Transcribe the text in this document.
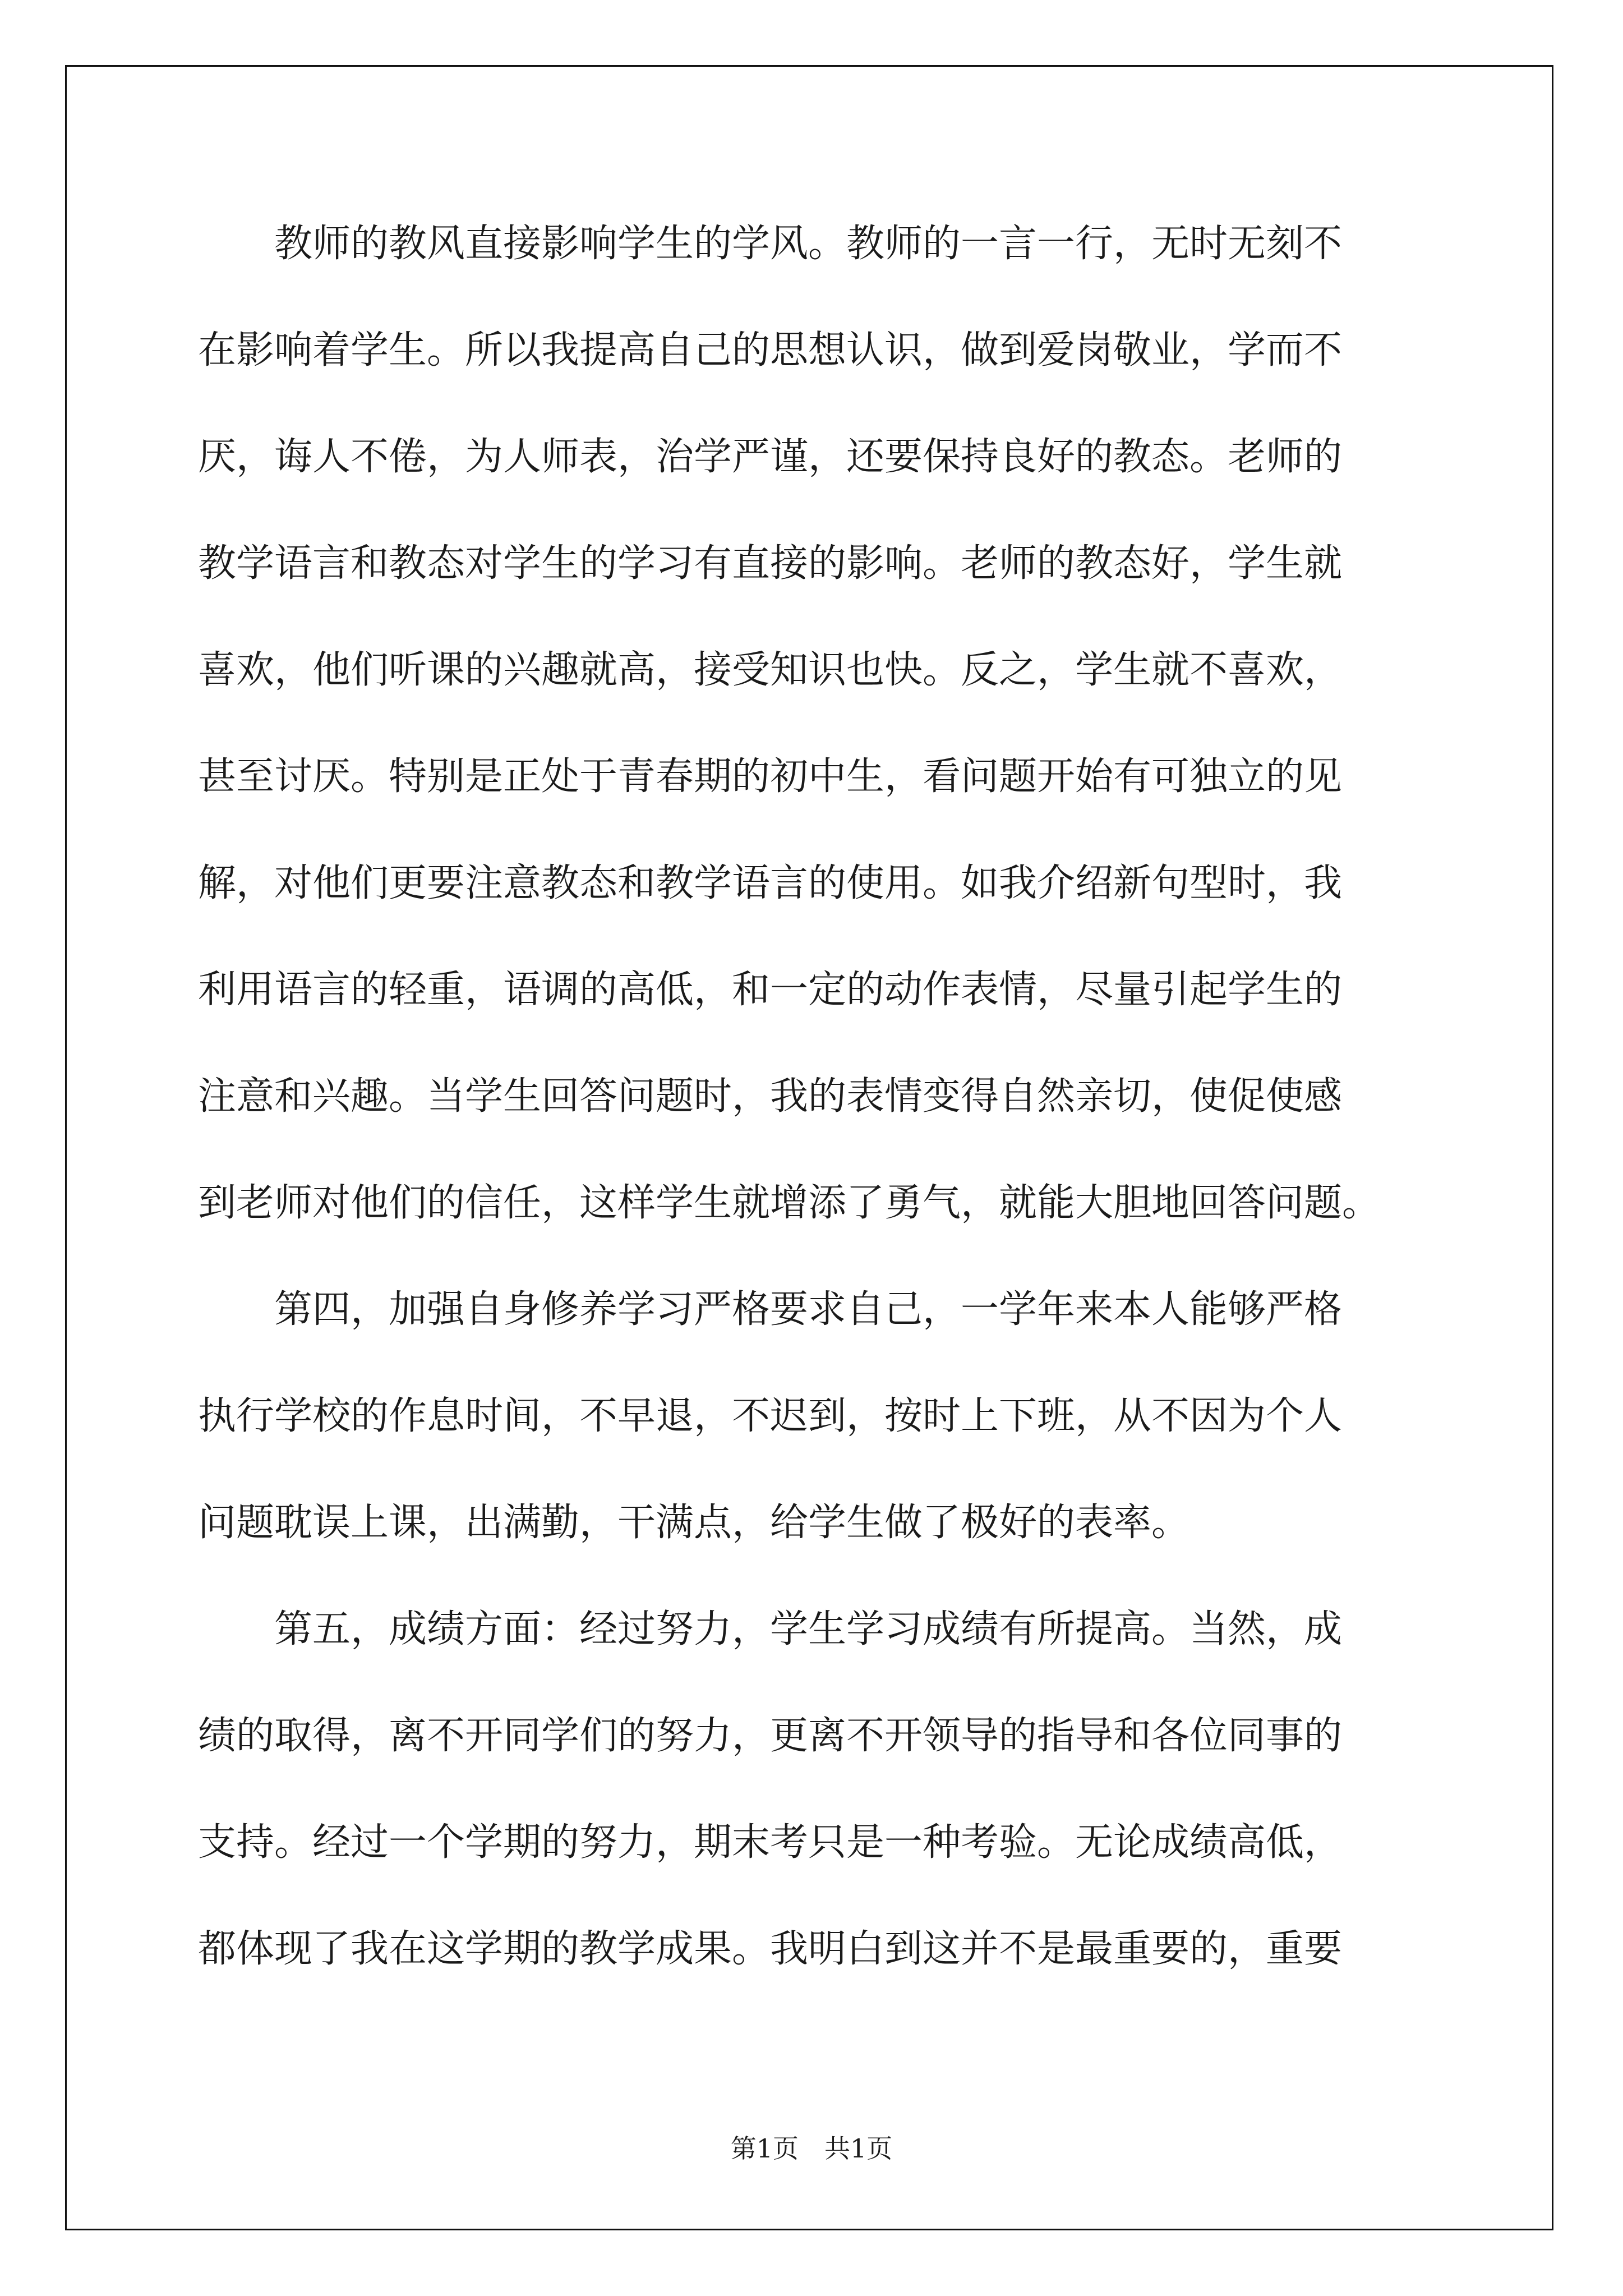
　　教师的教风直接影响学生的学风。教师的一言一行，无时无刻不
在影响着学生。所以我提高自己的思想认识，做到爱岗敬业，学而不
厌，诲人不倦，为人师表，治学严谨，还要保持良好的教态。老师的
教学语言和教态对学生的学习有直接的影响。老师的教态好，学生就
喜欢，他们听课的兴趣就高，接受知识也快。反之，学生就不喜欢，
甚至讨厌。特别是正处于青春期的初中生，看问题开始有可独立的见
解，对他们更要注意教态和教学语言的使用。如我介绍新句型时，我
利用语言的轻重，语调的高低，和一定的动作表情，尽量引起学生的
注意和兴趣。当学生回答问题时，我的表情变得自然亲切，使促使感
到老师对他们的信任，这样学生就增添了勇气，就能大胆地回答问题。
　　第四，加强自身修养学习严格要求自己，一学年来本人能够严格
执行学校的作息时间，不早退，不迟到，按时上下班，从不因为个人
问题耽误上课，出满勤，干满点，给学生做了极好的表率。
　　第五，成绩方面：经过努力，学生学习成绩有所提高。当然，成
绩的取得，离不开同学们的努力，更离不开领导的指导和各位同事的
支持。经过一个学期的努力，期末考只是一种考验。无论成绩高低，
都体现了我在这学期的教学成果。我明白到这并不是最重要的，重要
第1页　共1页
